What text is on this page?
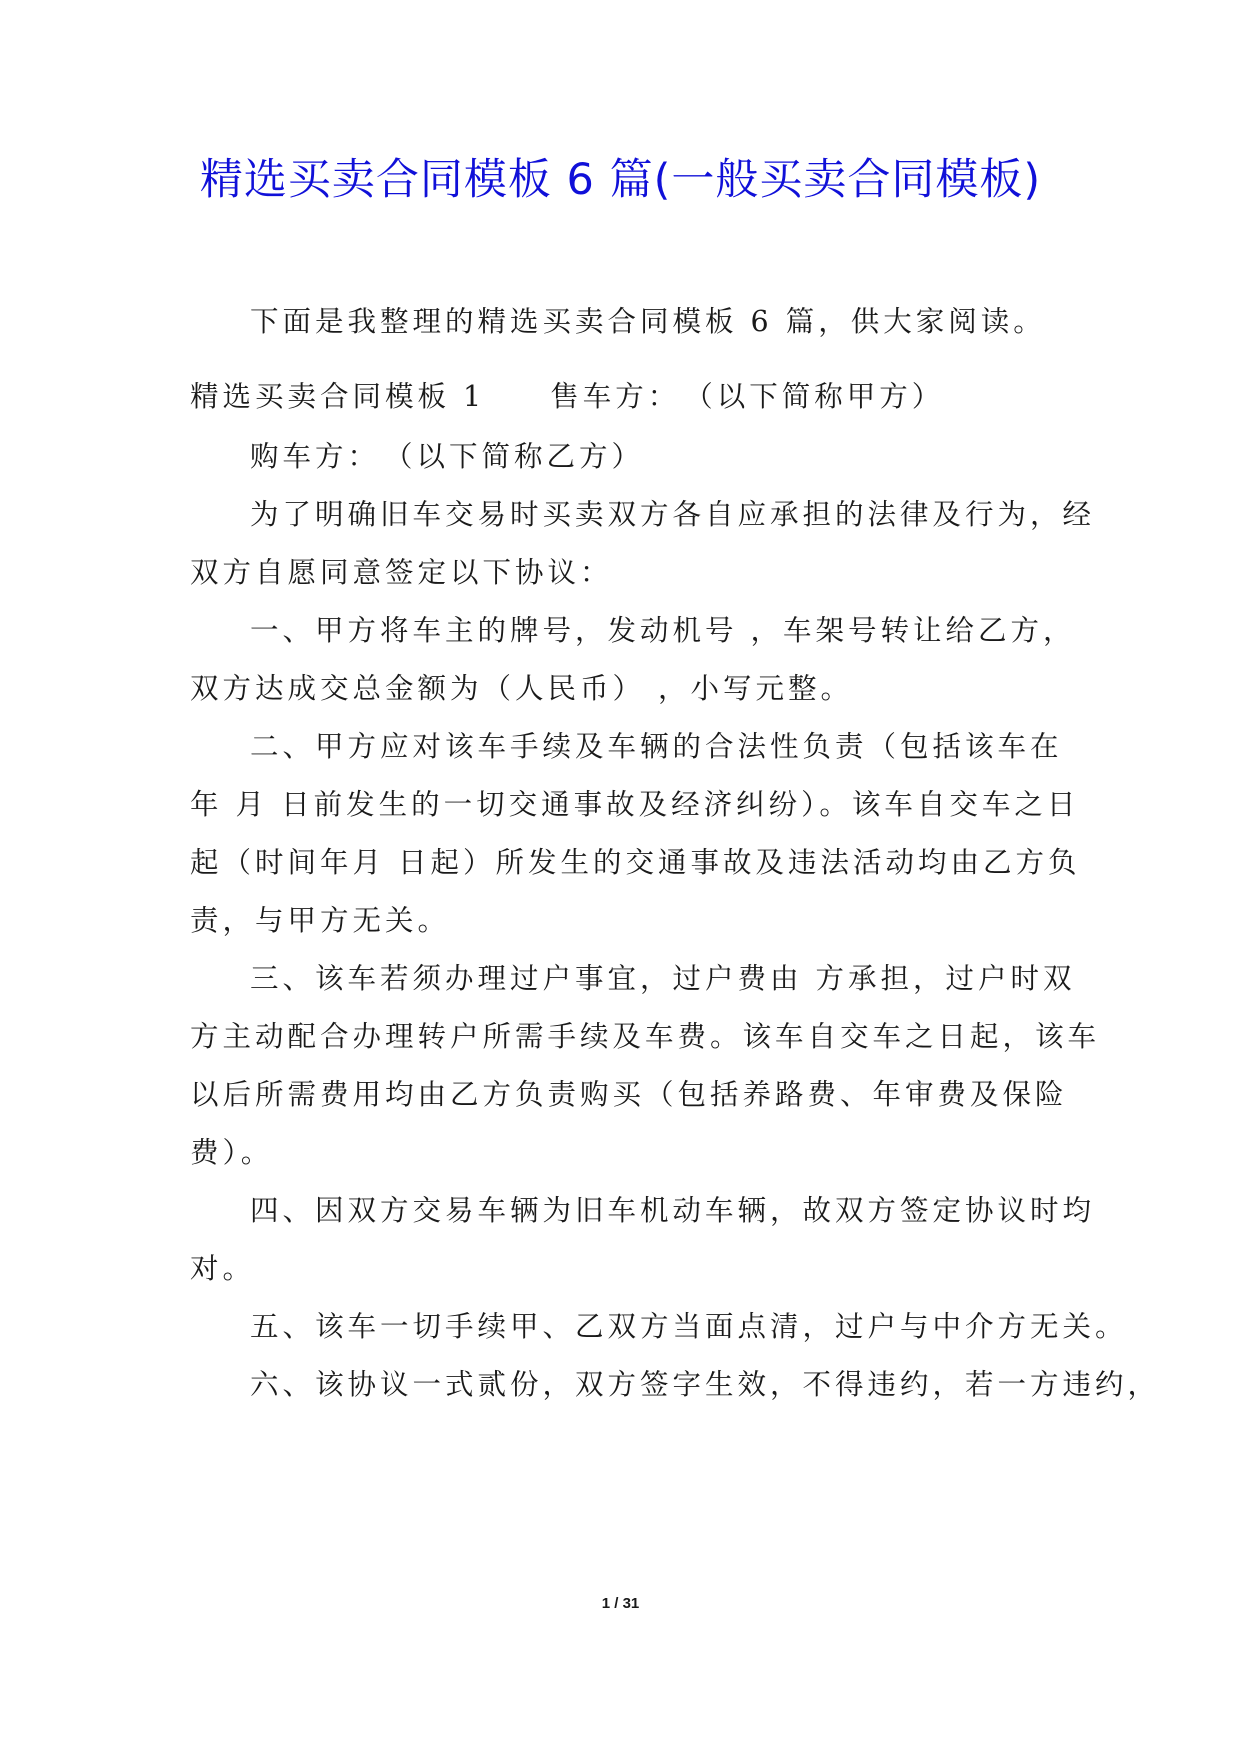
精选买卖合同模板 6 篇(一般买卖合同模板)
下面是我整理的精选买卖合同模板 6 篇，供大家阅读。
精选买卖合同模板 1　　售车方：　（以下简称甲方）
购车方：　（以下简称乙方）
为了明确旧车交易时买卖双方各自应承担的法律及行为，经
双方自愿同意签定以下协议：
一、甲方将车主的牌号，发动机号 ，车架号转让给乙方，
双方达成交总金额为（人民币） ，小写元整。
二、甲方应对该车手续及车辆的合法性负责（包括该车在
年 月 日前发生的一切交通事故及经济纠纷）。该车自交车之日
起（时间年月 日起）所发生的交通事故及违法活动均由乙方负
责，与甲方无关。
三、该车若须办理过户事宜，过户费由 方承担，过户时双
方主动配合办理转户所需手续及车费。该车自交车之日起，该车
以后所需费用均由乙方负责购买（包括养路费、年审费及保险
费）。
四、因双方交易车辆为旧车机动车辆，故双方签定协议时均
对。
五、该车一切手续甲、乙双方当面点清，过户与中介方无关。
六、该协议一式贰份，双方签字生效，不得违约，若一方违约，
1 / 31
